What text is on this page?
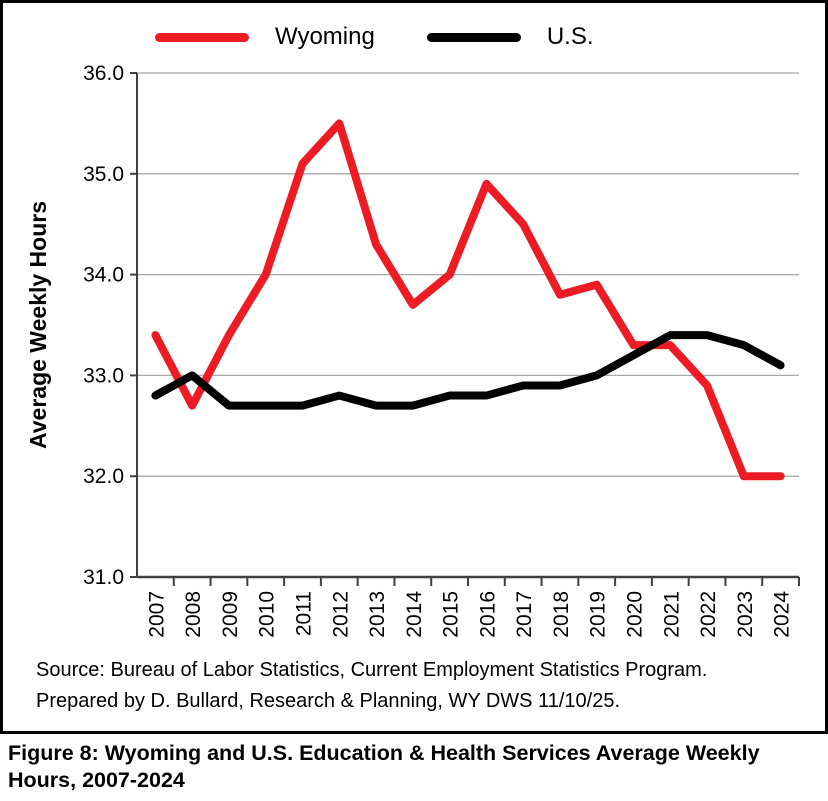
31.0
32.0
33.0
34.0
35.0
36.0
2007 2008 2009 2010 2011 2012 2013 2014 2015 2016 2017 2018 2019 2020 2021 2022 2023 2024
Average Weekly Hours
Wyoming	U.S.
Source: Bureau of Labor Statistics, Current Employment Statistics Program.
Prepared by D. Bullard, Research & Planning, WY DWS 11/10/25.
Figure 8: Wyoming and U.S. Education & Health Services Average Weekly Hours, 2007-2024
